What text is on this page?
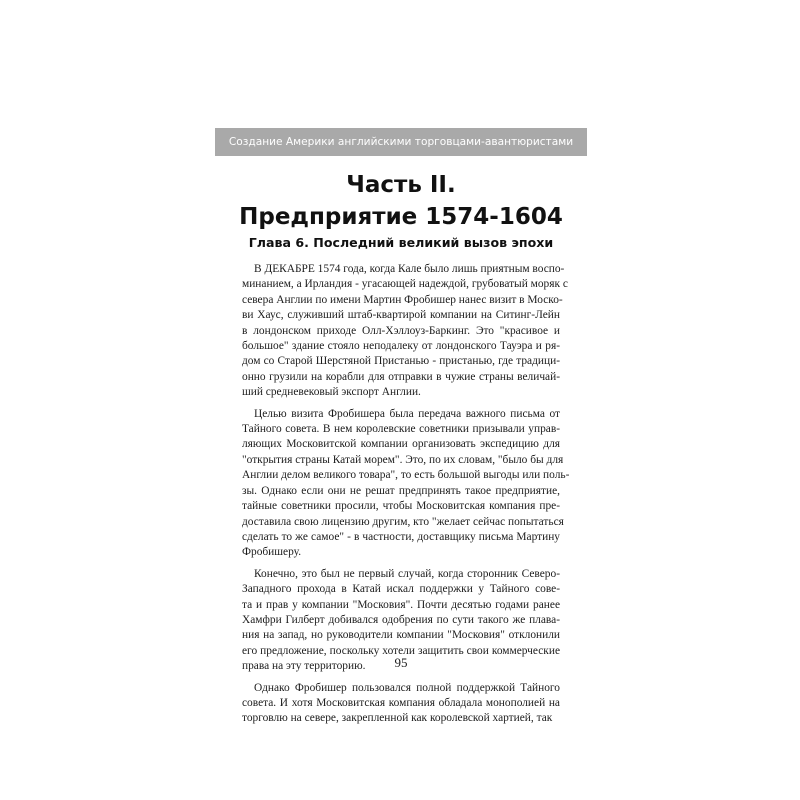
Создание Америки английскими торговцами-авантюристами
Часть II.
Предприятие 1574-1604
Глава 6. Последний великий вызов эпохи

В ДЕКАБРЕ 1574 года, когда Кале было лишь приятным воспо-
минанием, а Ирландия - угасающей надеждой, грубоватый моряк с
севера Англии по имени Мартин Фробишер нанес визит в Моско-
ви Хаус, служивший штаб-квартирой компании на Ситинг-Лейн
в лондонском приходе Олл-Хэллоуз-Баркинг. Это "красивое и
большое" здание стояло неподалеку от лондонского Тауэра и ря-
дом со Старой Шерстяной Пристанью - пристанью, где традици-
онно грузили на корабли для отправки в чужие страны величай-
ший средневековый экспорт Англии.

Целью визита Фробишера была передача важного письма от
Тайного совета. В нем королевские советники призывали управ-
ляющих Московитской компании организовать экспедицию для
"открытия страны Катай морем". Это, по их словам, "было бы для
Англии делом великого товара", то есть большой выгоды или поль-
зы. Однако если они не решат предпринять такое предприятие,
тайные советники просили, чтобы Московитская компания пре-
доставила свою лицензию другим, кто "желает сейчас попытаться
сделать то же самое" - в частности, доставщику письма Мартину
Фробишеру.

Конечно, это был не первый случай, когда сторонник Северо-
Западного прохода в Катай искал поддержки у Тайного сове-
та и прав у компании "Московия". Почти десятью годами ранее
Хамфри Гилберт добивался одобрения по сути такого же плава-
ния на запад, но руководители компании "Московия" отклонили
его предложение, поскольку хотели защитить свои коммерческие
права на эту территорию.

Однако Фробишер пользовался полной поддержкой Тайного
совета. И хотя Московитская компания обладала монополией на
торговлю на севере, закрепленной как королевской хартией, так

95
